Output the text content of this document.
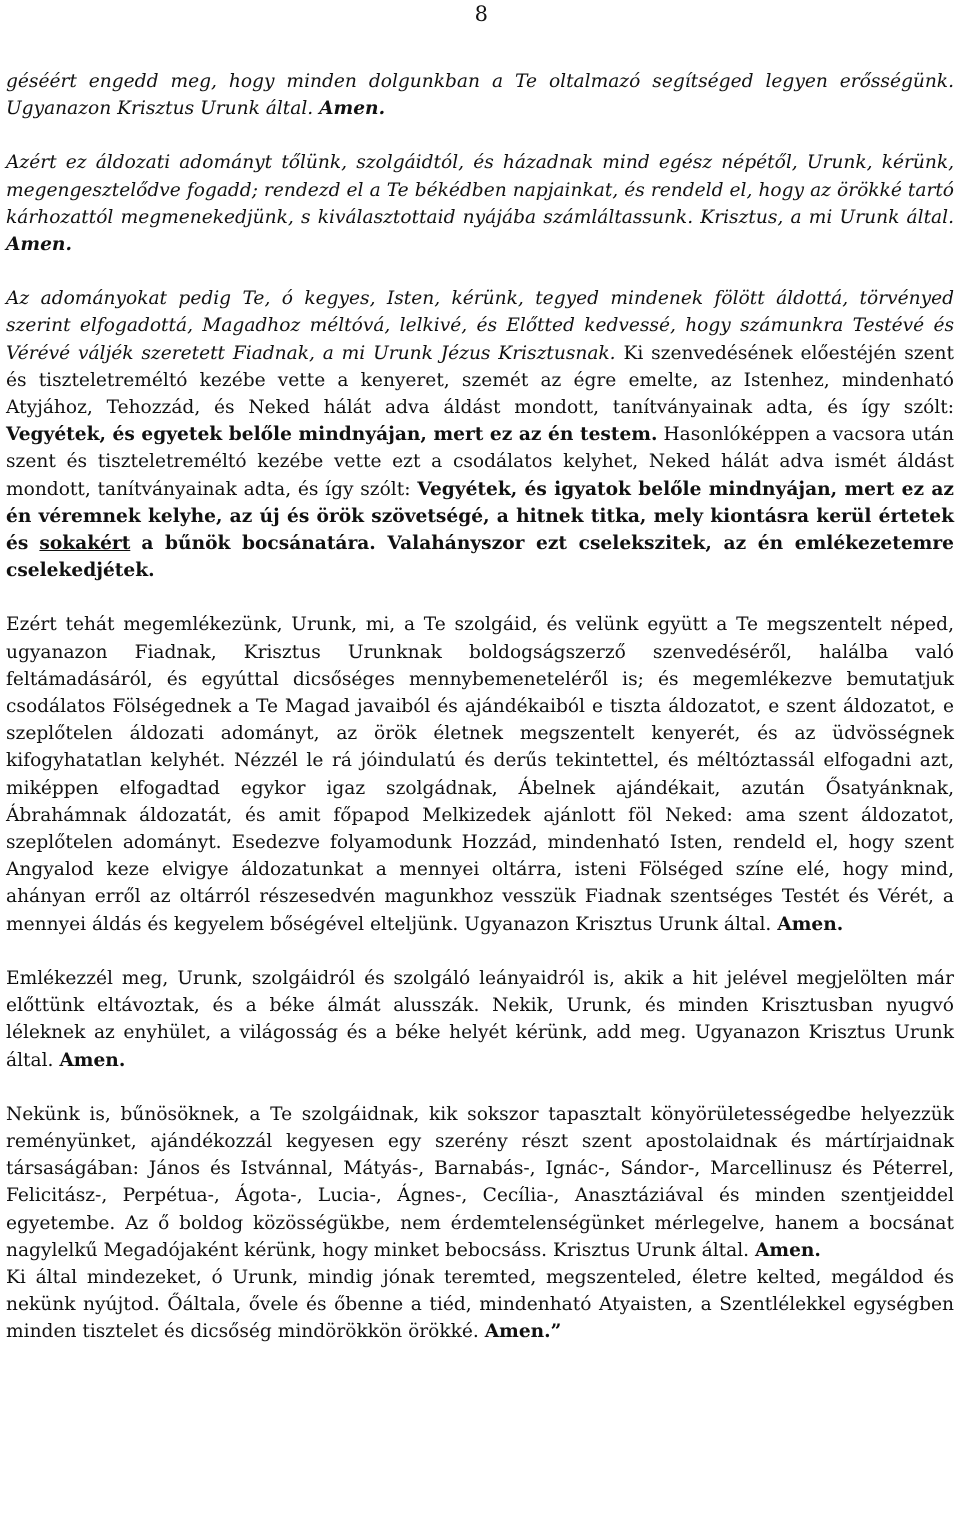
8

géséért engedd meg, hogy minden dolgunkban a Te oltalmazó segítséged legyen erősségünk. Ugyanazon Krisztus Urunk által. Amen.

Azért ez áldozati adományt tőlünk, szolgáidtól, és házadnak mind egész népétől, Urunk, kérünk, megengesztelődve fogadd; rendezd el a Te békédben napjainkat, és rendeld el, hogy az örökké tartó kárhozattól megmenekedjünk, s kiválasztottaid nyájába számláltassunk. Krisztus, a mi Urunk által. Amen.

Az adományokat pedig Te, ó kegyes, Isten, kérünk, tegyed mindenek fölött áldottá, törvényed szerint elfogadottá, Magadhoz méltóvá, lelkivé, és Előtted kedvessé, hogy számunkra Testévé és Vérévé váljék szeretett Fiadnak, a mi Urunk Jézus Krisztusnak. Ki szenvedésének előestéjén szent és tiszteletreméltó kezébe vette a kenyeret, szemét az égre emelte, az Istenhez, mindenható Atyjához, Tehozzád, és Neked hálát adva áldást mondott, tanítványainak adta, és így szólt: Vegyétek, és egyetek belőle mindnyájan, mert ez az én testem. Hasonlóképpen a vacsora után szent és tiszteletreméltó kezébe vette ezt a csodálatos kelyhet, Neked hálát adva ismét áldást mondott, tanítványainak adta, és így szólt: Vegyétek, és igyatok belőle mindnyájan, mert ez az én véremnek kelyhe, az új és örök szövetségé, a hitnek titka, mely kiontásra kerül értetek és sokakért a bűnök bocsánatára. Valahányszor ezt cselekszitek, az én emlékezetemre cselekedjétek.

Ezért tehát megemlékezünk, Urunk, mi, a Te szolgáid, és velünk együtt a Te megszentelt néped, ugyanazon Fiadnak, Krisztus Urunknak boldogságszerző szenvedéséről, halálba való feltámadásáról, és egyúttal dicsőséges mennybemeneteléről is; és megemlékezve bemutatjuk csodálatos Fölségednek a Te Magad javaiból és ajándékaiból e tiszta áldozatot, e szent áldozatot, e szeplőtelen áldozati adományt, az örök életnek megszentelt kenyerét, és az üdvösségnek kifogyhatatlan kelyhét. Nézzél le rá jóindulatú és derűs tekintettel, és méltóztassál elfogadni azt, miképpen elfogadtad egykor igaz szolgádnak, Ábelnek ajándékait, azután Ősatyánknak, Ábrahámnak áldozatát, és amit főpapod Melkizedek ajánlott föl Neked: ama szent áldozatot, szeplőtelen adományt. Esedezve folyamodunk Hozzád, mindenható Isten, rendeld el, hogy szent Angyalod keze elvigye áldozatunkat a mennyei oltárra, isteni Fölséged színe elé, hogy mind, ahányan erről az oltárról részesedvén magunkhoz vesszük Fiadnak szentséges Testét és Vérét, a mennyei áldás és kegyelem bőségével elteljünk. Ugyanazon Krisztus Urunk által. Amen.

Emlékezzél meg, Urunk, szolgáidról és szolgáló leányaidról is, akik a hit jelével megjelölten már előttünk eltávoztak, és a béke álmát alusszák. Nekik, Urunk, és minden Krisztusban nyugvó léleknek az enyhület, a világosság és a béke helyét kérünk, add meg. Ugyanazon Krisztus Urunk által. Amen.

Nekünk is, bűnösöknek, a Te szolgáidnak, kik sokszor tapasztalt könyörületességedbe helyezzük reményünket, ajándékozzál kegyesen egy szerény részt szent apostolaidnak és mártírjaidnak társaságában: János és Istvánnal, Mátyás-, Barnabás-, Ignác-, Sándor-, Marcellinusz és Péterrel, Felicitász-, Perpétua-, Ágota-, Lucia-, Ágnes-, Cecília-, Anasztáziával és minden szentjeiddel egyetembe. Az ő boldog közösségükbe, nem érdemtelenségünket mérlegelve, hanem a bocsánat nagylelkű Megadójaként kérünk, hogy minket bebocsáss. Krisztus Urunk által. Amen.

Ki által mindezeket, ó Urunk, mindig jónak teremted, megszenteled, életre kelted, megáldod és nekünk nyújtod. Őáltala, ővele és őbenne a tiéd, mindenható Atyaisten, a Szentlélekkel egységben minden tisztelet és dicsőség mindörökkön örökké. Amen.”
